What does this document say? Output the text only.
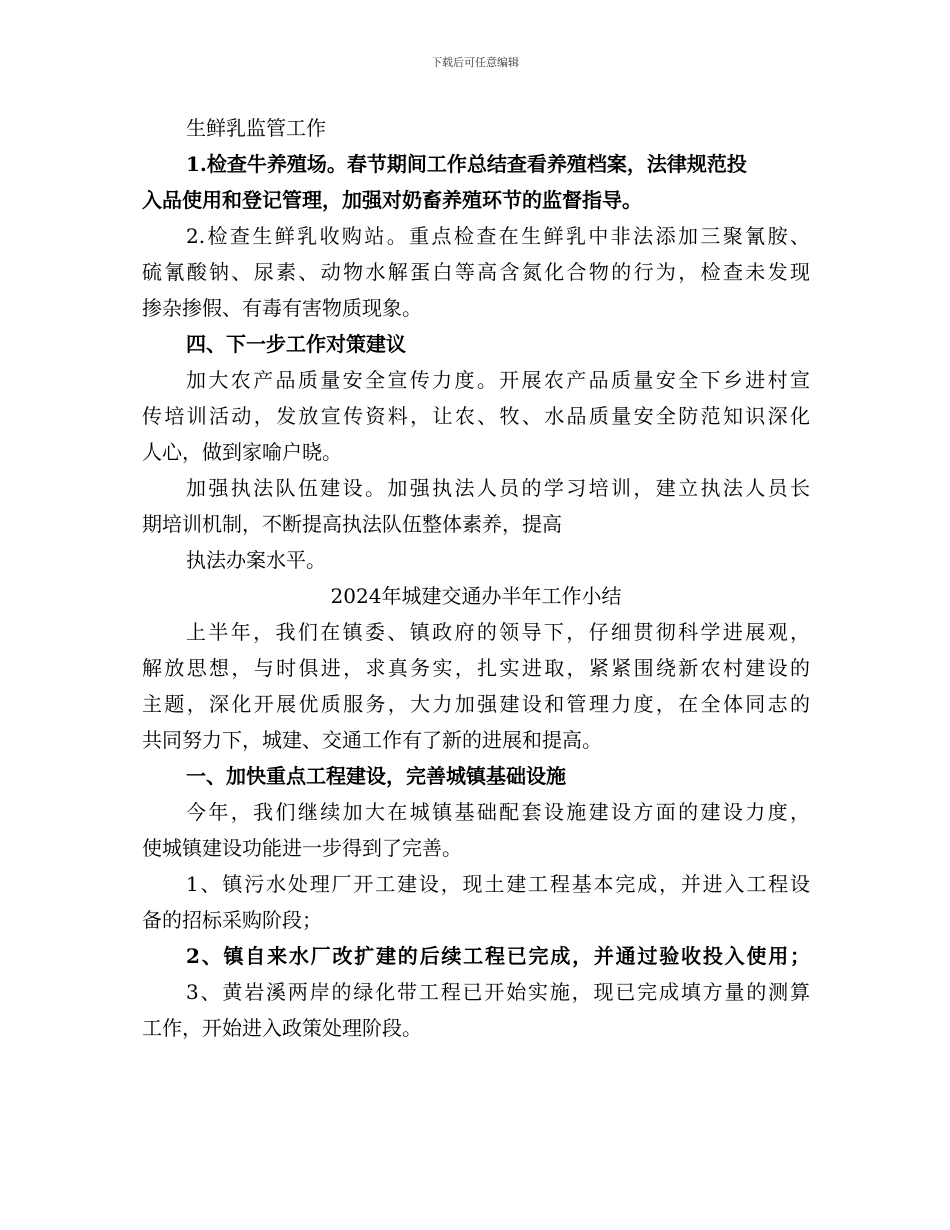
下载后可任意编辑
生鲜乳监管工作
1.检查牛养殖场。春节期间工作总结查看养殖档案，法律规范投
入品使用和登记管理，加强对奶畜养殖环节的监督指导。
2.检查生鲜乳收购站。重点检查在生鲜乳中非法添加三聚氰胺、
硫氰酸钠、尿素、动物水解蛋白等高含氮化合物的行为，检查未发现
掺杂掺假、有毒有害物质现象。
四、下一步工作对策建议
加大农产品质量安全宣传力度。开展农产品质量安全下乡进村宣
传培训活动，发放宣传资料，让农、牧、水品质量安全防范知识深化
人心，做到家喻户晓。
加强执法队伍建设。加强执法人员的学习培训，建立执法人员长
期培训机制，不断提高执法队伍整体素养，提高
执法办案水平。
2024年城建交通办半年工作小结
上半年，我们在镇委、镇政府的领导下，仔细贯彻科学进展观，
解放思想，与时俱进，求真务实，扎实进取，紧紧围绕新农村建设的
主题，深化开展优质服务，大力加强建设和管理力度，在全体同志的
共同努力下，城建、交通工作有了新的进展和提高。
一、加快重点工程建设，完善城镇基础设施
今年，我们继续加大在城镇基础配套设施建设方面的建设力度，
使城镇建设功能进一步得到了完善。
1、镇污水处理厂开工建设，现土建工程基本完成，并进入工程设
备的招标采购阶段；
2、镇自来水厂改扩建的后续工程已完成，并通过验收投入使用；
3、黄岩溪两岸的绿化带工程已开始实施，现已完成填方量的测算
工作，开始进入政策处理阶段。
